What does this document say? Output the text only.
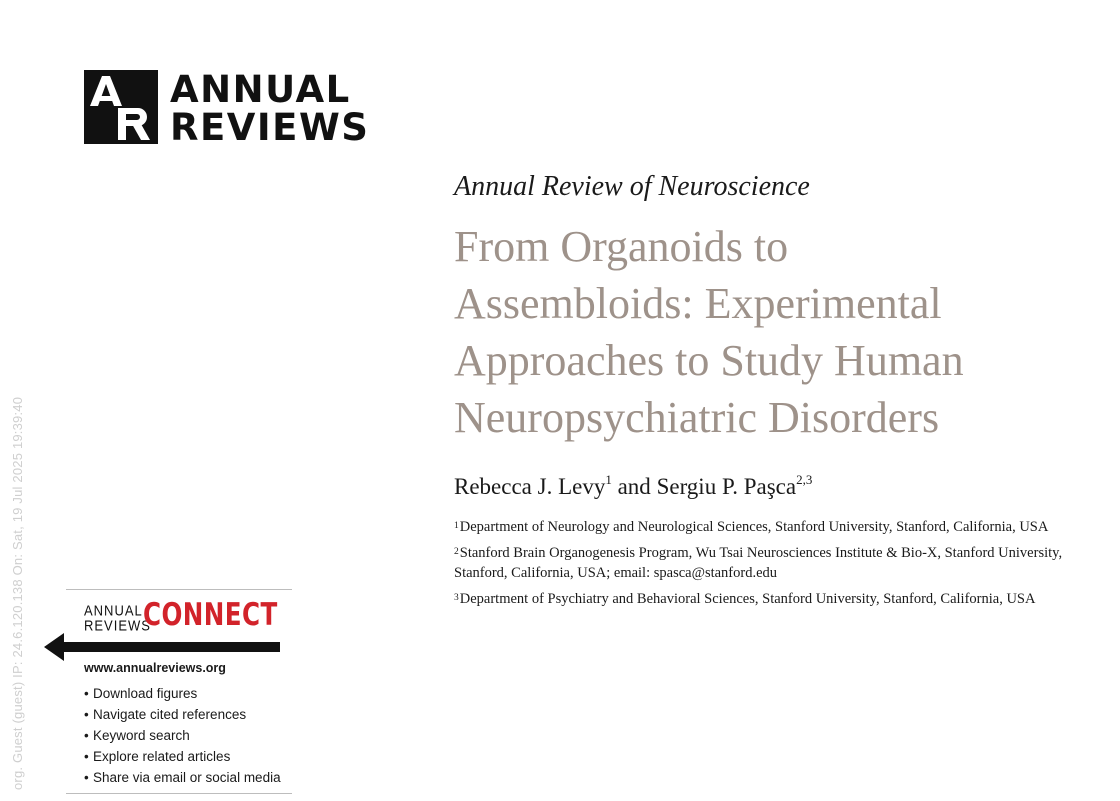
ANNUAL
REVIEWS
org. Guest (guest) IP: 24.6.120.138 On: Sat, 19 Jul 2025 19:39:40
Annual Review of Neuroscience
From Organoids to
Assembloids: Experimental
Approaches to Study Human
Neuropsychiatric Disorders
Rebecca J. Levy$^1$ and Sergiu P. Paşca$^{2,3}$
$^1$Department of Neurology and Neurological Sciences, Stanford University, Stanford, California, USA
$^2$Stanford Brain Organogenesis Program, Wu Tsai Neurosciences Institute & Bio-X, Stanford University, Stanford, California, USA; email: spasca@stanford.edu
$^3$Department of Psychiatry and Behavioral Sciences, Stanford University, Stanford, California, USA
ANNUAL
REVIEWS
CONNECT
www.annualreviews.org
• Download figures
• Navigate cited references
• Keyword search
• Explore related articles
• Share via email or social media
